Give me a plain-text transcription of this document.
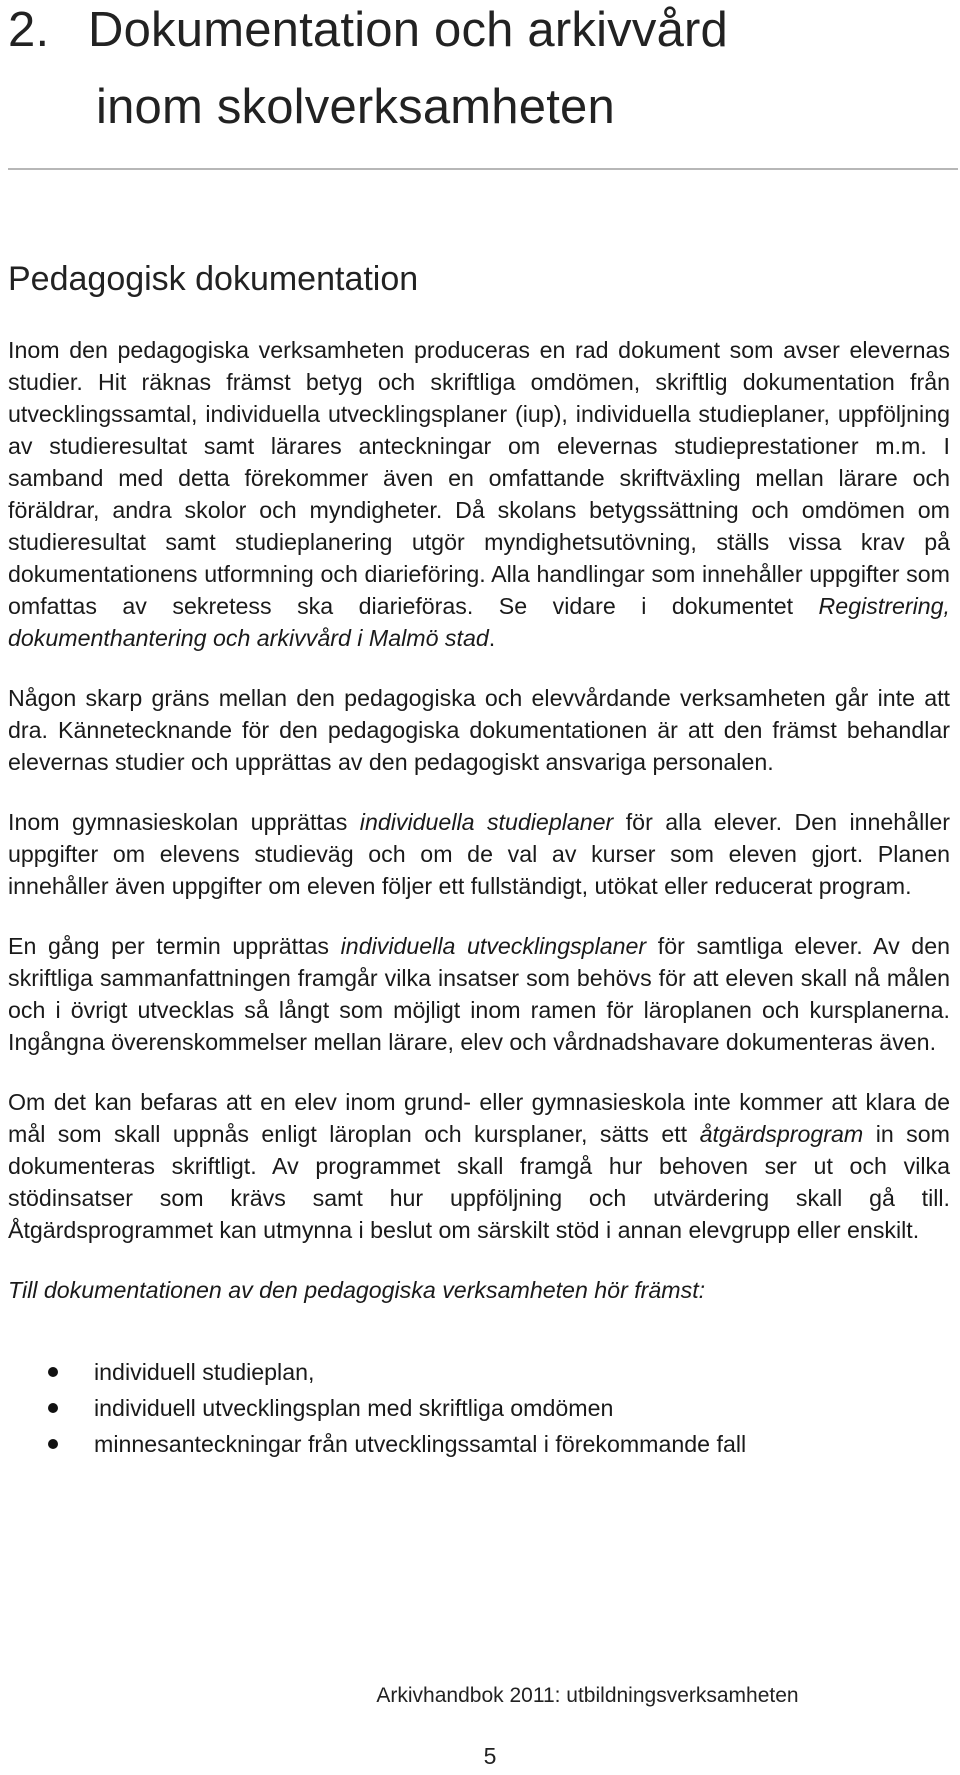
2. Dokumentation och arkivvård
inom skolverksamheten
Pedagogisk dokumentation

Inom den pedagogiska verksamheten produceras en rad dokument som avser elevernas studier. Hit räknas främst betyg och skriftliga omdömen, skriftlig dokumentation från utvecklingssamtal, individuella utvecklingsplaner (iup), individuella studieplaner, uppföljning av studieresultat samt lärares anteckningar om elevernas studieprestationer m.m. I samband med detta förekommer även en omfattande skriftväxling mellan lärare och föräldrar, andra skolor och myndigheter. Då skolans betygssättning och omdömen om studieresultat samt studieplanering utgör myndighetsutövning, ställs vissa krav på dokumentationens utformning och diarieföring. Alla handlingar som innehåller uppgifter som omfattas av sekretess ska diarieföras. Se vidare i dokumentet Registrering, dokumenthantering och arkivvård i Malmö stad.

Någon skarp gräns mellan den pedagogiska och elevvårdande verksamheten går inte att dra. Kännetecknande för den pedagogiska dokumentationen är att den främst behandlar elevernas studier och upprättas av den pedagogiskt ansvariga personalen.

Inom gymnasieskolan upprättas individuella studieplaner för alla elever. Den innehåller uppgifter om elevens studieväg och om de val av kurser som eleven gjort. Planen innehåller även uppgifter om eleven följer ett fullständigt, utökat eller reducerat program.

En gång per termin upprättas individuella utvecklingsplaner för samtliga elever. Av den skriftliga sammanfattningen framgår vilka insatser som behövs för att eleven skall nå målen och i övrigt utvecklas så långt som möjligt inom ramen för läroplanen och kursplanerna. Ingångna överenskommelser mellan lärare, elev och vårdnadshavare dokumenteras även.

Om det kan befaras att en elev inom grund- eller gymnasieskola inte kommer att klara de mål som skall uppnås enligt läroplan och kursplaner, sätts ett åtgärdsprogram in som dokumenteras skriftligt. Av programmet skall framgå hur behoven ser ut och vilka stödinsatser som krävs samt hur uppföljning och utvärdering skall gå till. Åtgärdsprogrammet kan utmynna i beslut om särskilt stöd i annan elevgrupp eller enskilt.

Till dokumentationen av den pedagogiska verksamheten hör främst:

individuell studieplan,
individuell utvecklingsplan med skriftliga omdömen
minnesanteckningar från utvecklingssamtal i förekommande fall
Arkivhandbok 2011: utbildningsverksamheten
5
